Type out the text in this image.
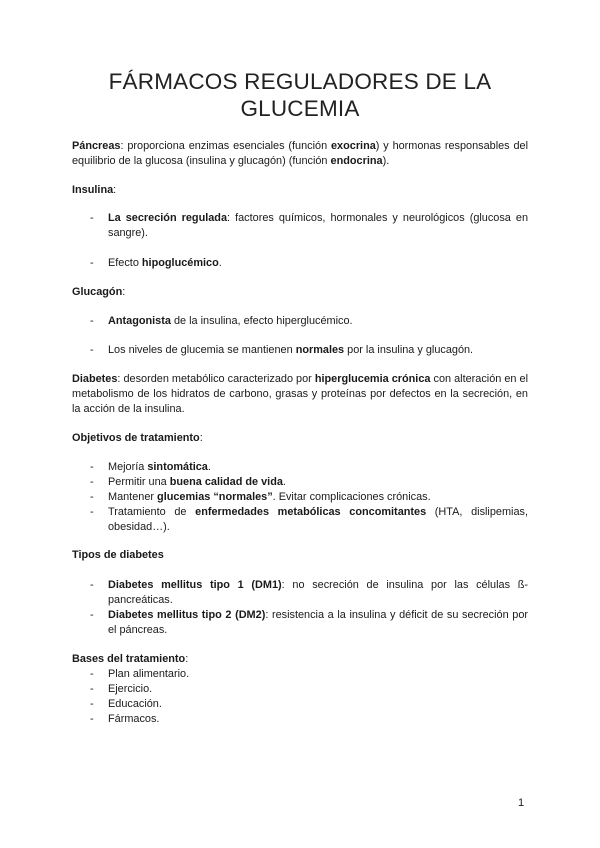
FÁRMACOS REGULADORES DE LA
GLUCEMIA

Páncreas: proporciona enzimas esenciales (función exocrina) y hormonas responsables del equilibrio de la glucosa (insulina y glucagón) (función endocrina).

Insulina:

- La secreción regulada: factores químicos, hormonales y neurológicos (glucosa en sangre).
- Efecto hipoglucémico.

Glucagón:

- Antagonista de la insulina, efecto hiperglucémico.
- Los niveles de glucemia se mantienen normales por la insulina y glucagón.

Diabetes: desorden metabólico caracterizado por hiperglucemia crónica con alteración en el metabolismo de los hidratos de carbono, grasas y proteínas por defectos en la secreción, en la acción de la insulina.

Objetivos de tratamiento:

- Mejoría sintomática.
- Permitir una buena calidad de vida.
- Mantener glucemias “normales”. Evitar complicaciones crónicas.
- Tratamiento de enfermedades metabólicas concomitantes (HTA, dislipemias, obesidad…).

Tipos de diabetes

- Diabetes mellitus tipo 1 (DM1): no secreción de insulina por las células ß-pancreáticas.
- Diabetes mellitus tipo 2 (DM2): resistencia a la insulina y déficit de su secreción por el páncreas.

Bases del tratamiento:

- Plan alimentario.
- Ejercicio.
- Educación.
- Fármacos.
1
